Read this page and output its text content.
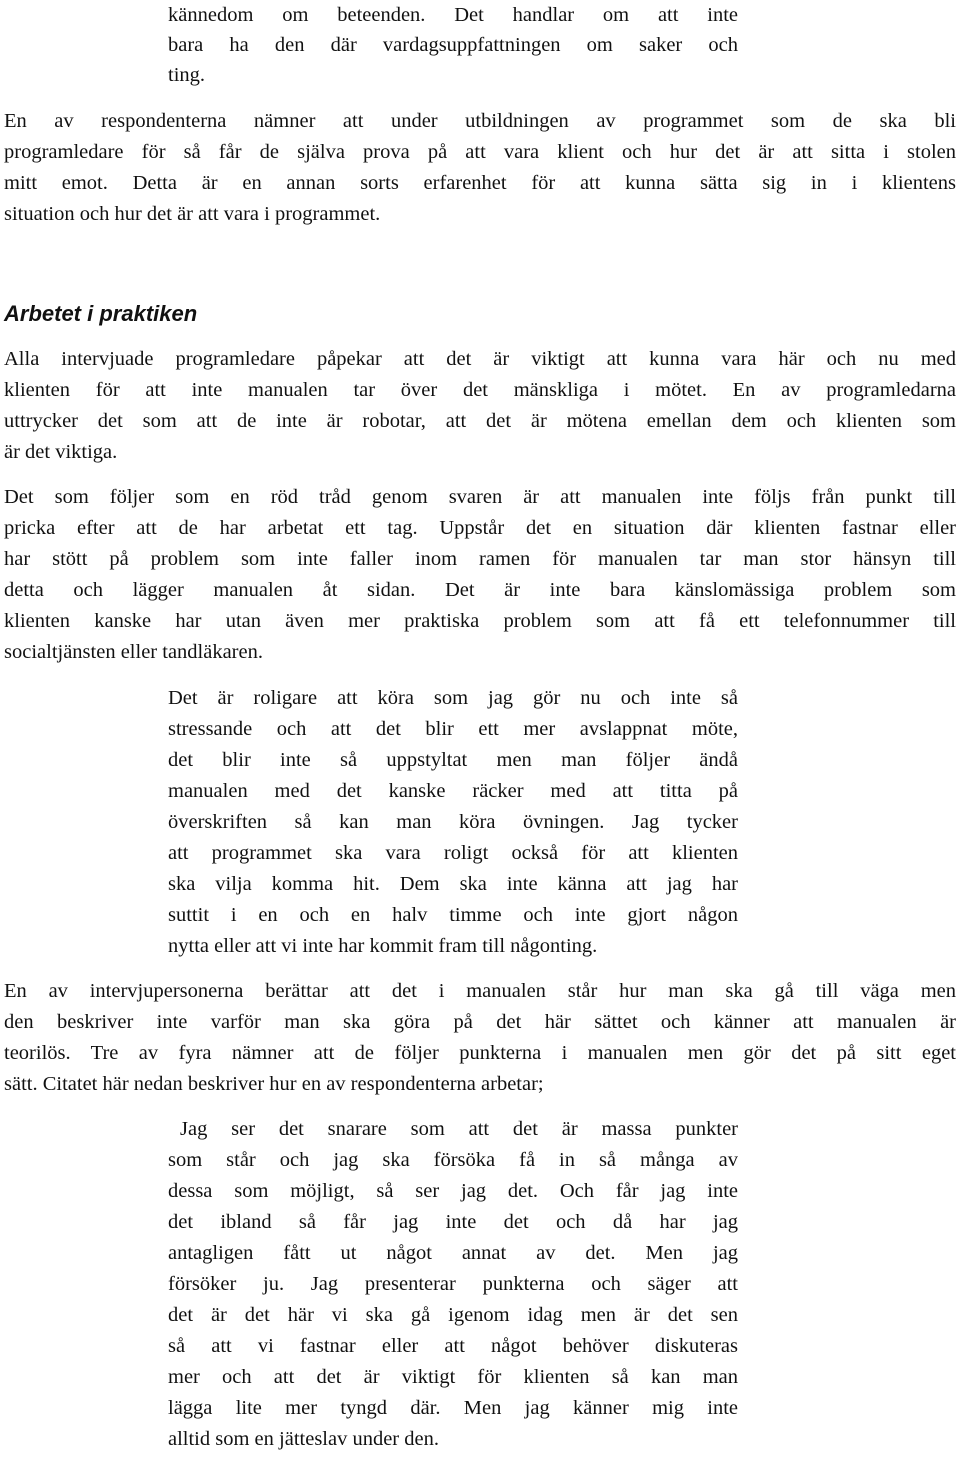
kännedom om beteenden. Det handlar om att inte
bara ha den där vardagsuppfattningen om saker och
ting.
En av respondenterna nämner att under utbildningen av programmet som de ska bli
programledare för så får de själva prova på att vara klient och hur det är att sitta i stolen
mitt emot. Detta är en annan sorts erfarenhet för att kunna sätta sig in i klientens
situation och hur det är att vara i programmet.
Arbetet i praktiken
Alla intervjuade programledare påpekar att det är viktigt att kunna vara här och nu med
klienten för att inte manualen tar över det mänskliga i mötet. En av programledarna
uttrycker det som att de inte är robotar, att det är mötena emellan dem och klienten som
är det viktiga.
Det som följer som en röd tråd genom svaren är att manualen inte följs från punkt till
pricka efter att de har arbetat ett tag. Uppstår det en situation där klienten fastnar eller
har stött på problem som inte faller inom ramen för manualen tar man stor hänsyn till
detta och lägger manualen åt sidan. Det är inte bara känslomässiga problem som
klienten kanske har utan även mer praktiska problem som att få ett telefonnummer till
socialtjänsten eller tandläkaren.
Det är roligare att köra som jag gör nu och inte så
stressande och att det blir ett mer avslappnat möte,
det blir inte så uppstyltat men man följer ändå
manualen med det kanske räcker med att titta på
överskriften så kan man köra övningen. Jag tycker
att programmet ska vara roligt också för att klienten
ska vilja komma hit. Dem ska inte känna att jag har
suttit i en och en halv timme och inte gjort någon
nytta eller att vi inte har kommit fram till någonting.
En av intervjupersonerna berättar att det i manualen står hur man ska gå till väga men
den beskriver inte varför man ska göra på det här sättet och känner att manualen är
teorilös. Tre av fyra nämner att de följer punkterna i manualen men gör det på sitt eget
sätt. Citatet här nedan beskriver hur en av respondenterna arbetar;
Jag ser det snarare som att det är massa punkter
som står och jag ska försöka få in så många av
dessa som möjligt, så ser jag det. Och får jag inte
det ibland så får jag inte det och då har jag
antagligen fått ut något annat av det. Men jag
försöker ju. Jag presenterar punkterna och säger att
det är det här vi ska gå igenom idag men är det sen
så att vi fastnar eller att något behöver diskuteras
mer och att det är viktigt för klienten så kan man
lägga lite mer tyngd där. Men jag känner mig inte
alltid som en jätteslav under den.
